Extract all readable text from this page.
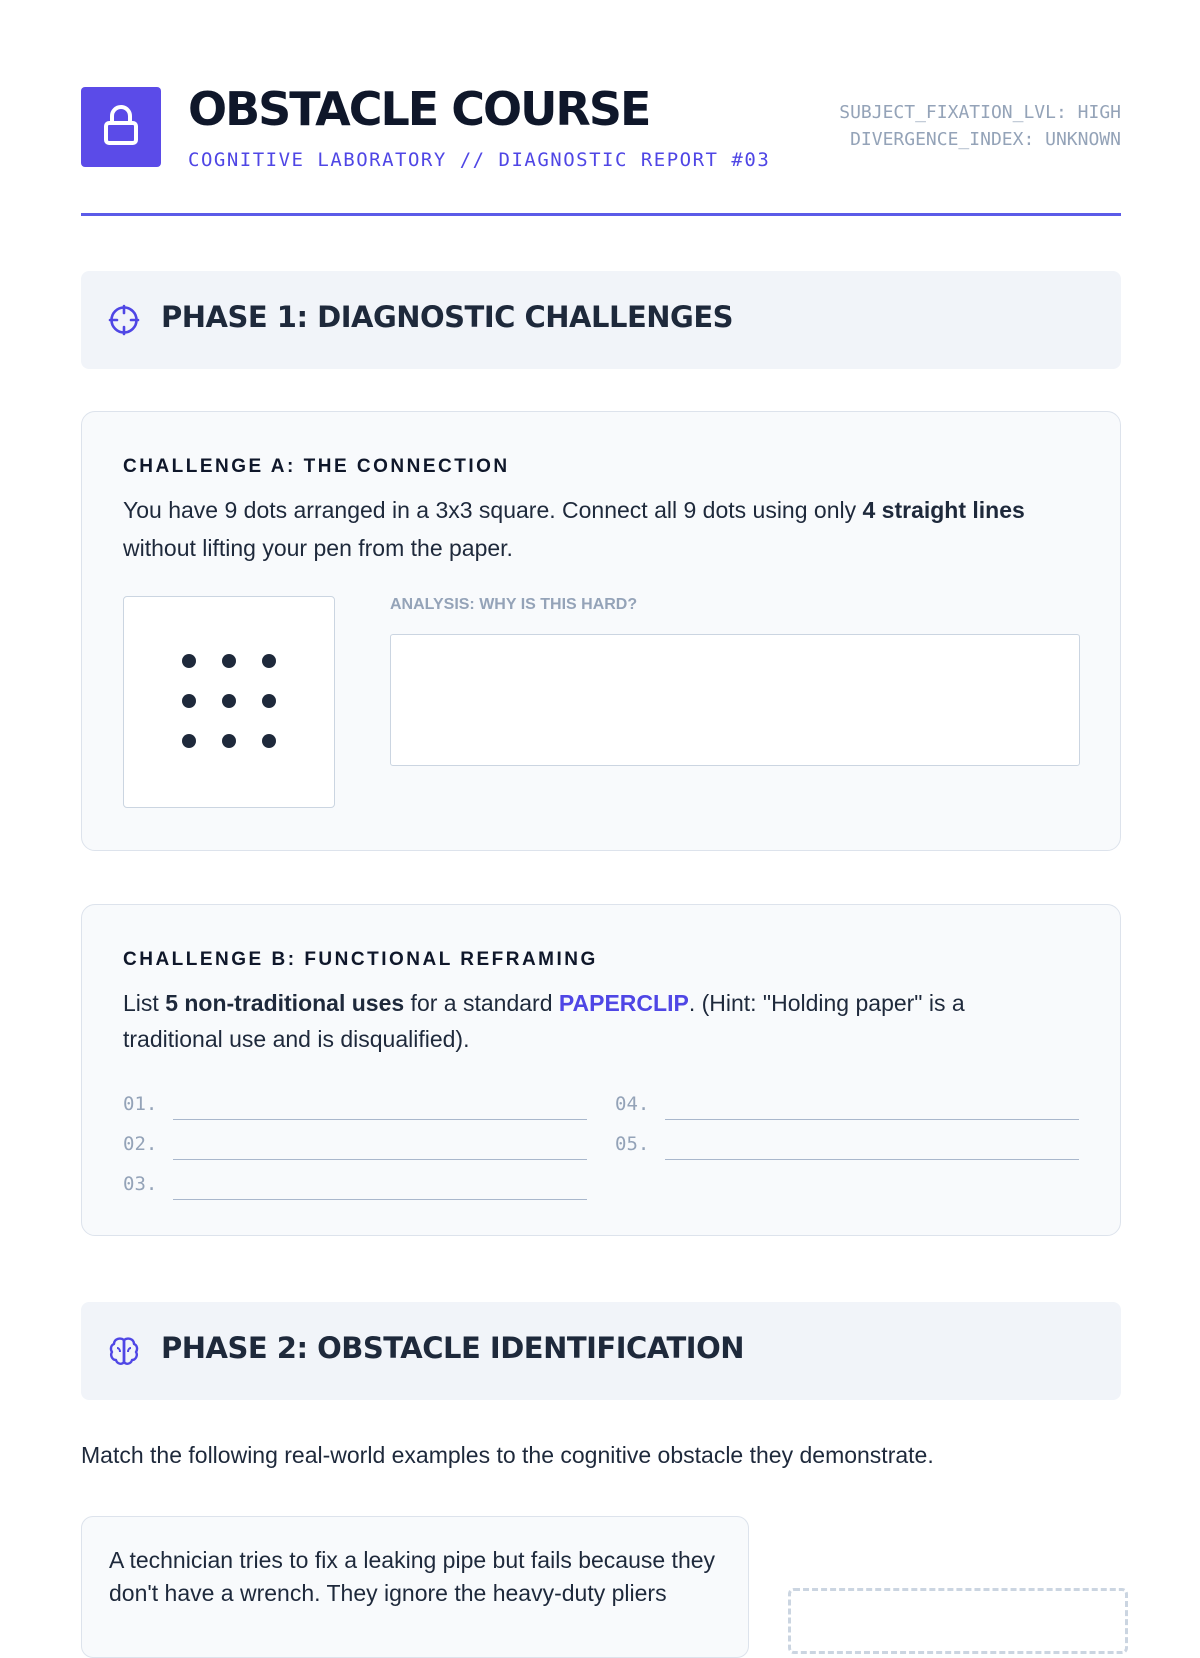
OBSTACLE COURSE
COGNITIVE LABORATORY // DIAGNOSTIC REPORT #03
SUBJECT_FIXATION_LVL: HIGH
DIVERGENCE_INDEX: UNKNOWN
PHASE 1: DIAGNOSTIC CHALLENGES
CHALLENGE A: THE CONNECTION
You have 9 dots arranged in a 3x3 square. Connect all 9 dots using only 4 straight lines without lifting your pen from the paper.
ANALYSIS: WHY IS THIS HARD?
CHALLENGE B: FUNCTIONAL REFRAMING
List 5 non-traditional uses for a standard PAPERCLIP. (Hint: "Holding paper" is a traditional use and is disqualified).
01.
02.
03.
04.
05.
PHASE 2: OBSTACLE IDENTIFICATION
Match the following real-world examples to the cognitive obstacle they demonstrate.
A technician tries to fix a leaking pipe but fails because they don't have a wrench. They ignore the heavy-duty pliers
